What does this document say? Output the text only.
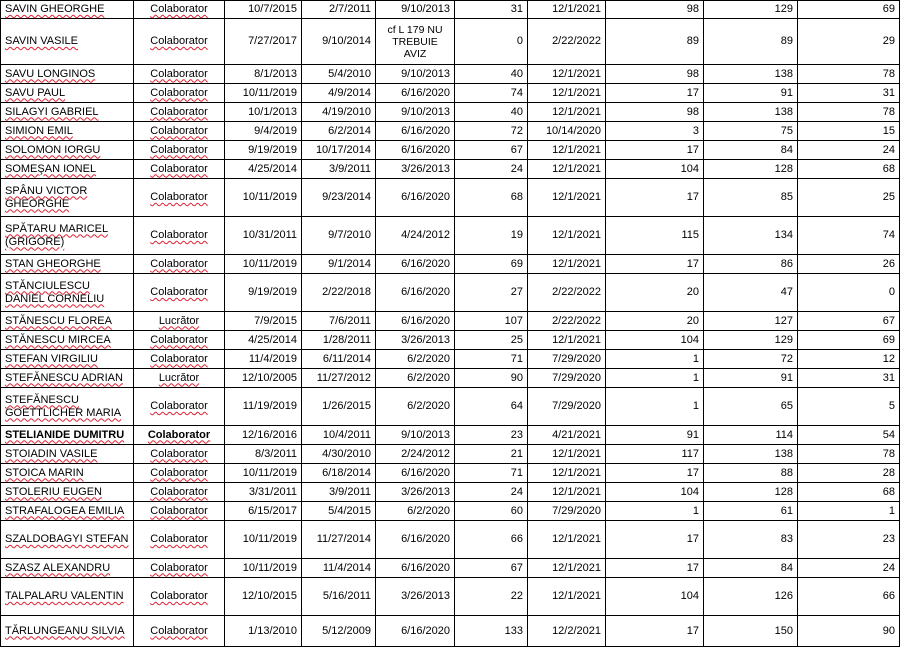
SAVIN GHEORGHE	Colaborator	10/7/2015	2/7/2011	9/10/2013	31	12/1/2021	98	129	69
SAVIN VASILE	Colaborator	7/27/2017	9/10/2014	cf L 179 NU TREBUIE AVIZ	0	2/22/2022	89	89	29
SAVU LONGINOS	Colaborator	8/1/2013	5/4/2010	9/10/2013	40	12/1/2021	98	138	78
SAVU PAUL	Colaborator	10/11/2019	4/9/2014	6/16/2020	74	12/1/2021	17	91	31
SILAGYI GABRIEL	Colaborator	10/1/2013	4/19/2010	9/10/2013	40	12/1/2021	98	138	78
SIMION EMIL	Colaborator	9/4/2019	6/2/2014	6/16/2020	72	10/14/2020	3	75	15
SOLOMON IORGU	Colaborator	9/19/2019	10/17/2014	6/16/2020	67	12/1/2021	17	84	24
SOMEŞAN IONEL	Colaborator	4/25/2014	3/9/2011	3/26/2013	24	12/1/2021	104	128	68
SPÂNU VICTOR GHEORGHE	Colaborator	10/11/2019	9/23/2014	6/16/2020	68	12/1/2021	17	85	25
SPĂTARU MARICEL (GRIGORE)	Colaborator	10/31/2011	9/7/2010	4/24/2012	19	12/1/2021	115	134	74
STAN GHEORGHE	Colaborator	10/11/2019	9/1/2014	6/16/2020	69	12/1/2021	17	86	26
STĂNCIULESCU DANIEL CORNELIU	Colaborator	9/19/2019	2/22/2018	6/16/2020	27	2/22/2022	20	47	0
STĂNESCU FLOREA	Lucrător	7/9/2015	7/6/2011	6/16/2020	107	2/22/2022	20	127	67
STĂNESCU MIRCEA	Colaborator	4/25/2014	1/28/2011	3/26/2013	25	12/1/2021	104	129	69
STEFAN VIRGILIU	Colaborator	11/4/2019	6/11/2014	6/2/2020	71	7/29/2020	1	72	12
STEFĂNESCU ADRIAN	Lucrător	12/10/2005	11/27/2012	6/2/2020	90	7/29/2020	1	91	31
STEFĂNESCU GOETTLICHER MARIA	Colaborator	11/19/2019	1/26/2015	6/2/2020	64	7/29/2020	1	65	5
STELIANIDE DUMITRU	Colaborator	12/16/2016	10/4/2011	9/10/2013	23	4/21/2021	91	114	54
STOIADIN VASILE	Colaborator	8/3/2011	4/30/2010	2/24/2012	21	12/1/2021	117	138	78
STOICA MARIN	Colaborator	10/11/2019	6/18/2014	6/16/2020	71	12/1/2021	17	88	28
STOLERIU EUGEN	Colaborator	3/31/2011	3/9/2011	3/26/2013	24	12/1/2021	104	128	68
STRAFALOGEA EMILIA	Colaborator	6/15/2017	5/4/2015	6/2/2020	60	7/29/2020	1	61	1
SZALDOBAGYI STEFAN	Colaborator	10/11/2019	11/27/2014	6/16/2020	66	12/1/2021	17	83	23
SZASZ ALEXANDRU	Colaborator	10/11/2019	11/4/2014	6/16/2020	67	12/1/2021	17	84	24
TALPALARU VALENTIN	Colaborator	12/10/2015	5/16/2011	3/26/2013	22	12/1/2021	104	126	66
TĂRLUNGEANU SILVIA	Colaborator	1/13/2010	5/12/2009	6/16/2020	133	12/2/2021	17	150	90
